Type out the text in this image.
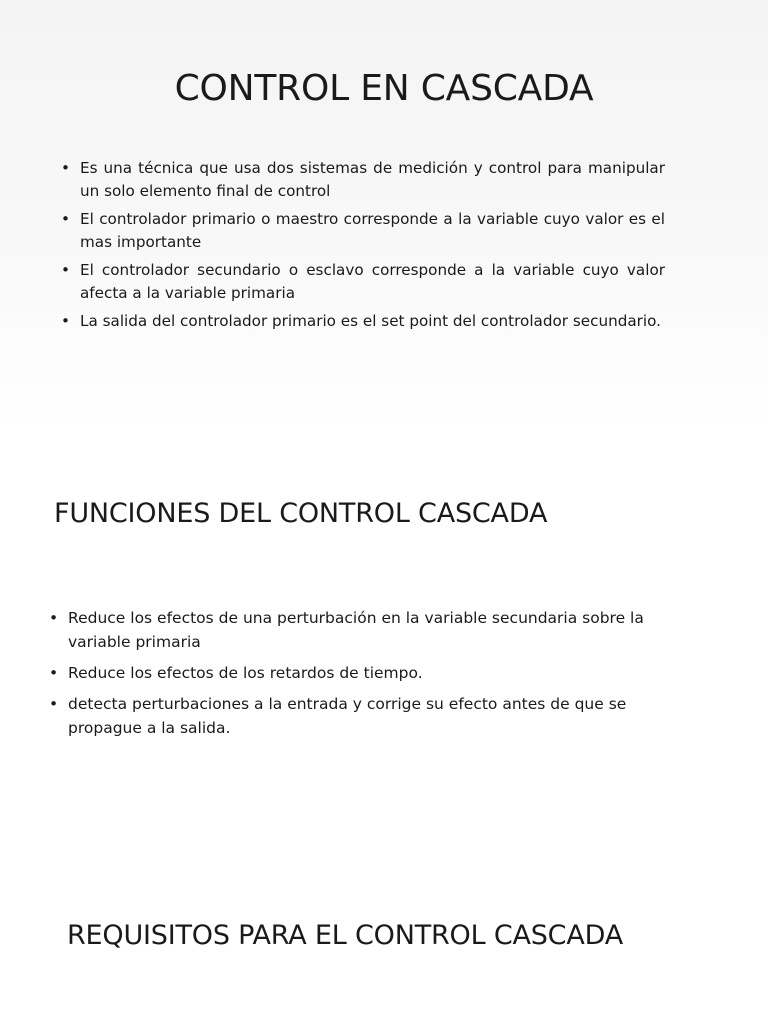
CONTROL EN CASCADA
• Es una técnica que usa dos sistemas de medición y control para manipular un solo elemento final de control
• El controlador primario o maestro corresponde a la variable cuyo valor es el mas importante
• El controlador secundario o esclavo corresponde a la variable cuyo valor afecta a la variable primaria
• La salida del controlador primario es el set point del controlador secundario.
FUNCIONES DEL CONTROL CASCADA
• Reduce los efectos de una perturbación en la variable secundaria sobre la variable primaria
• Reduce los efectos de los retardos de tiempo.
• detecta perturbaciones a la entrada y corrige su efecto antes de que se propague a la salida.
REQUISITOS PARA EL CONTROL CASCADA
